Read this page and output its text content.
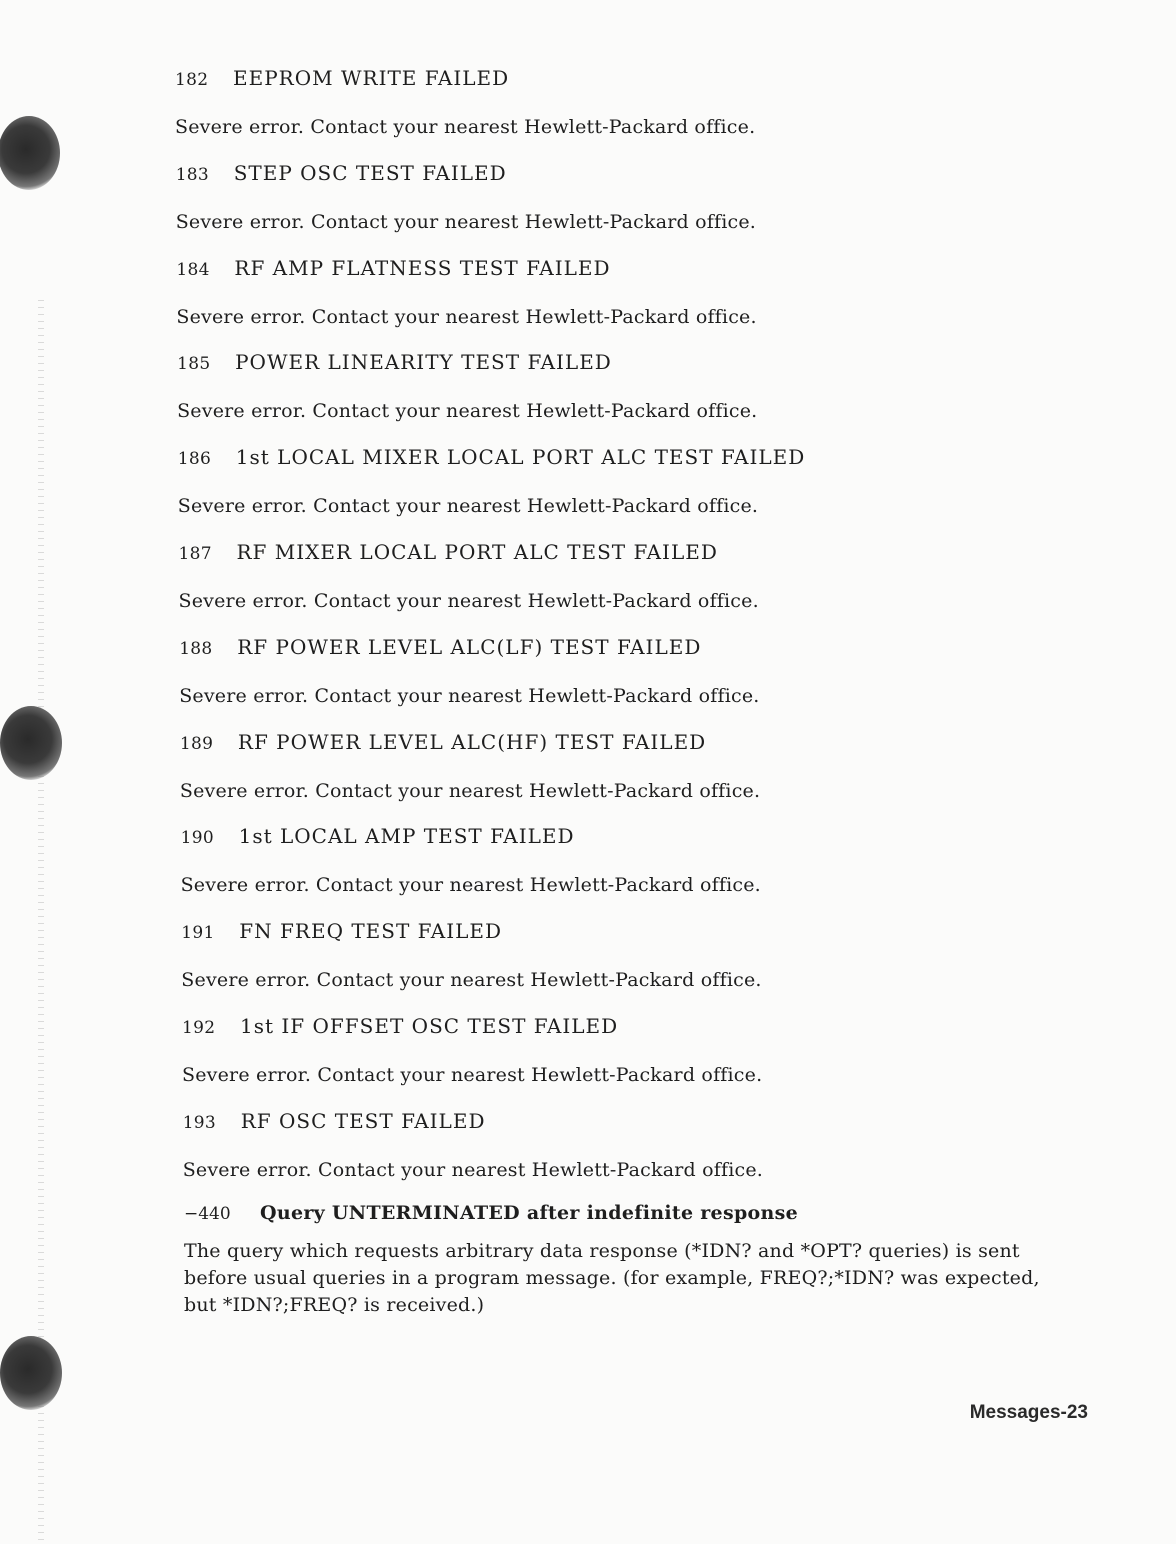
182	EEPROM WRITE FAILED
Severe error. Contact your nearest Hewlett-Packard office.
183	STEP OSC TEST FAILED
Severe error. Contact your nearest Hewlett-Packard office.
184	RF AMP FLATNESS TEST FAILED
Severe error. Contact your nearest Hewlett-Packard office.
185	POWER LINEARITY TEST FAILED
Severe error. Contact your nearest Hewlett-Packard office.
186	1st LOCAL MIXER LOCAL PORT ALC TEST FAILED
Severe error. Contact your nearest Hewlett-Packard office.
187	RF MIXER LOCAL PORT ALC TEST FAILED
Severe error. Contact your nearest Hewlett-Packard office.
188	RF POWER LEVEL ALC(LF) TEST FAILED
Severe error. Contact your nearest Hewlett-Packard office.
189	RF POWER LEVEL ALC(HF) TEST FAILED
Severe error. Contact your nearest Hewlett-Packard office.
190	1st LOCAL AMP TEST FAILED
Severe error. Contact your nearest Hewlett-Packard office.
191	FN FREQ TEST FAILED
Severe error. Contact your nearest Hewlett-Packard office.
192	1st IF OFFSET OSC TEST FAILED
Severe error. Contact your nearest Hewlett-Packard office.
193	RF OSC TEST FAILED
Severe error. Contact your nearest Hewlett-Packard office.
−440	Query UNTERMINATED after indefinite response
The query which requests arbitrary data response (*IDN? and *OPT? queries) is sent before usual queries in a program message. (for example, FREQ?;*IDN? was expected, but *IDN?;FREQ? is received.)
Messages-23
